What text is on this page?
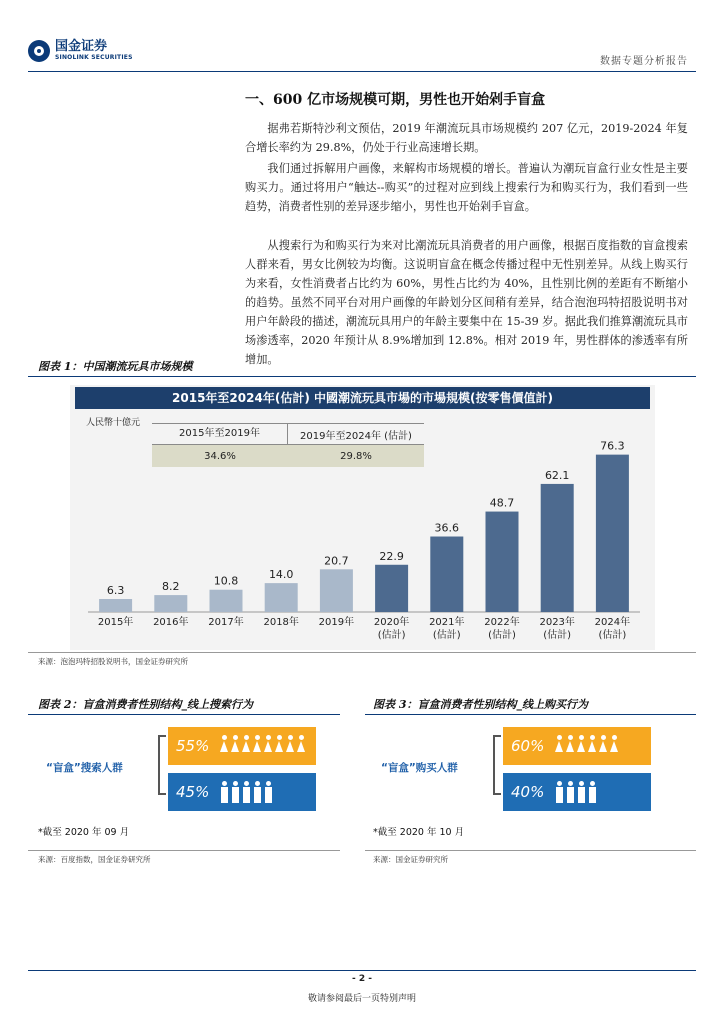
国金证券
SINOLINK SECURITIES	数据专题分析报告
一、600 亿市场规模可期，男性也开始剁手盲盒
据弗若斯特沙利文预估，2019 年潮流玩具市场规模约 207 亿元，2019-2024 年复合增长率约为 29.8%，仍处于行业高速增长期。
我们通过拆解用户画像，来解构市场规模的增长。普遍认为潮玩盲盒行业女性是主要购买力。通过将用户“触达--购买”的过程对应到线上搜索行为和购买行为，我们看到一些趋势，消费者性别的差异逐步缩小，男性也开始剁手盲盒。
从搜索行为和购买行为来对比潮流玩具消费者的用户画像，根据百度指数的盲盒搜索人群来看，男女比例较为均衡。这说明盲盒在概念传播过程中无性别差异。从线上购买行为来看，女性消费者占比约为 60%，男性占比约为 40%，且性别比例的差距有不断缩小的趋势。虽然不同平台对用户画像的年龄划分区间稍有差异，结合泡泡玛特招股说明书对用户年龄段的描述，潮流玩具用户的年龄主要集中在 15-39 岁。据此我们推算潮流玩具市场渗透率，2020 年预计从 8.9%增加到 12.8%。相对 2019 年，男性群体的渗透率有所增加。
图表 1：中国潮流玩具市场规模
2015年至2024年(估計) 中國潮流玩具市場的市場規模(按零售價值計)
人民幣十億元
2015年至2019年	2019年至2024年 (估計)
34.6%	29.8%
6.3
2015年
8.2
2016年
10.8
2017年
14.0
2018年
20.7
2019年
22.9
2020年
(估計)
36.6
2021年
(估計)
48.7
2022年
(估計)
62.1
2023年
(估計)
76.3
2024年
(估計)
来源：泡泡玛特招股说明书，国金证券研究所
图表 2：盲盒消费者性别结构_线上搜索行为
“盲盒”搜索人群
55%
45%
*截至 2020 年 09 月
来源：百度指数，国金证券研究所
图表 3：盲盒消费者性别结构_线上购买行为
“盲盒”购买人群
60%
40%
*截至 2020 年 10 月
来源：国金证券研究所
- 2 -
敬请参阅最后一页特别声明
